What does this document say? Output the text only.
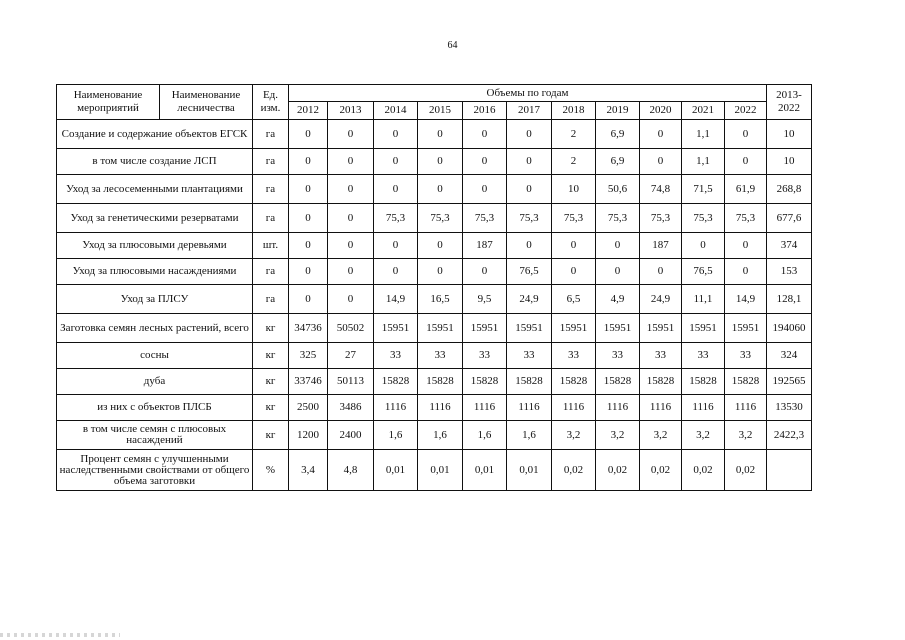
64
Наименование мероприятий	Наименование лесничества	Ед. изм.	Объемы по годам											2013-2022
			2012	2013	2014	2015	2016	2017	2018	2019	2020	2021	2022	
Создание и содержание объектов ЕГСК		га	0	0	0	0	0	0	2	6,9	0	1,1	0	10
в том числе создание ЛСП		га	0	0	0	0	0	0	2	6,9	0	1,1	0	10
Уход за лесосеменными плантациями		га	0	0	0	0	0	0	10	50,6	74,8	71,5	61,9	268,8
Уход за генетическими резерватами		га	0	0	75,3	75,3	75,3	75,3	75,3	75,3	75,3	75,3	75,3	677,6
Уход за плюсовыми деревьями		шт.	0	0	0	0	187	0	0	0	187	0	0	374
Уход за плюсовыми насаждениями		га	0	0	0	0	0	76,5	0	0	0	76,5	0	153
Уход за ПЛСУ		га	0	0	14,9	16,5	9,5	24,9	6,5	4,9	24,9	11,1	14,9	128,1
Заготовка семян лесных растений, всего		кг	34736	50502	15951	15951	15951	15951	15951	15951	15951	15951	15951	194060
сосны		кг	325	27	33	33	33	33	33	33	33	33	33	324
дуба		кг	33746	50113	15828	15828	15828	15828	15828	15828	15828	15828	15828	192565
из них с объектов ПЛСБ		кг	2500	3486	1116	1116	1116	1116	1116	1116	1116	1116	1116	13530
в том числе семян с плюсовых насаждений		кг	1200	2400	1,6	1,6	1,6	1,6	3,2	3,2	3,2	3,2	3,2	2422,3
Процент семян с улучшенными наследственными свойствами от общего объема заготовки		%	3,4	4,8	0,01	0,01	0,01	0,01	0,02	0,02	0,02	0,02	0,02	
